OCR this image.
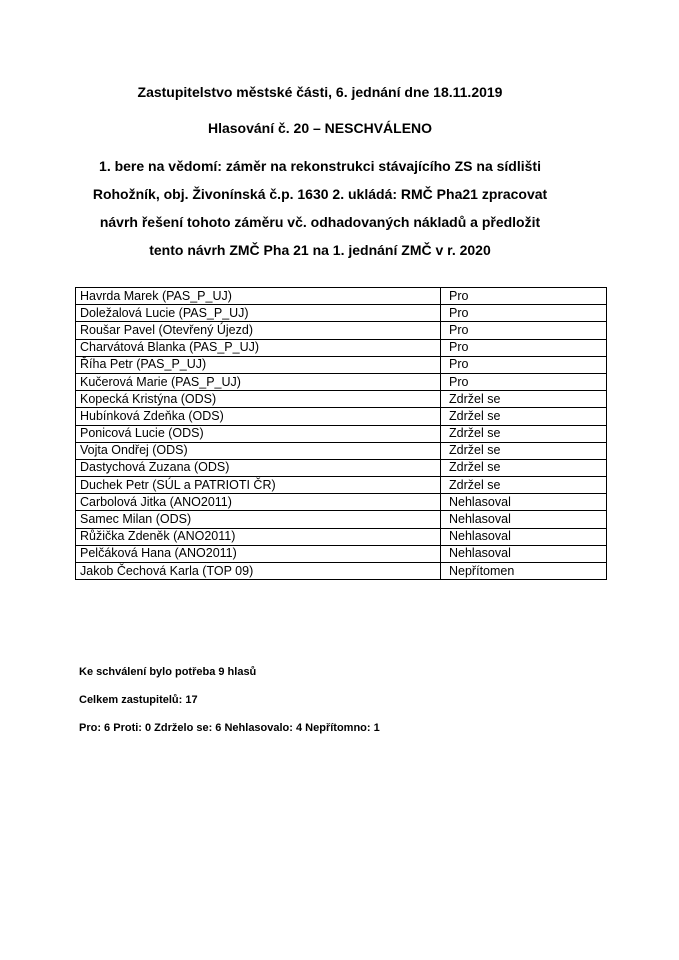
Zastupitelstvo městské části, 6. jednání dne 18.11.2019
Hlasování č. 20 – NESCHVÁLENO
1. bere na vědomí: záměr na rekonstrukci stávajícího ZS na sídlišti
Rohožník, obj. Živonínská č.p. 1630 2. ukládá: RMČ Pha21 zpracovat
návrh řešení tohoto záměru vč. odhadovaných nákladů a předložit
tento návrh ZMČ Pha 21 na 1. jednání ZMČ v r. 2020
Havrda Marek (PAS_P_UJ)	Pro
Doležalová Lucie (PAS_P_UJ)	Pro
Roušar Pavel (Otevřený Újezd)	Pro
Charvátová Blanka (PAS_P_UJ)	Pro
Říha Petr (PAS_P_UJ)	Pro
Kučerová Marie (PAS_P_UJ)	Pro
Kopecká Kristýna (ODS)	Zdržel se
Hubínková Zdeňka (ODS)	Zdržel se
Ponicová Lucie (ODS)	Zdržel se
Vojta Ondřej (ODS)	Zdržel se
Dastychová Zuzana (ODS)	Zdržel se
Duchek Petr (SÚL a PATRIOTI ČR)	Zdržel se
Carbolová Jitka (ANO2011)	Nehlasoval
Samec Milan (ODS)	Nehlasoval
Růžička Zdeněk (ANO2011)	Nehlasoval
Pelčáková Hana (ANO2011)	Nehlasoval
Jakob Čechová Karla (TOP 09)	Nepřítomen
Ke schválení bylo potřeba 9 hlasů
Celkem zastupitelů: 17
Pro: 6 Proti: 0 Zdrželo se: 6 Nehlasovalo: 4 Nepřítomno: 1
